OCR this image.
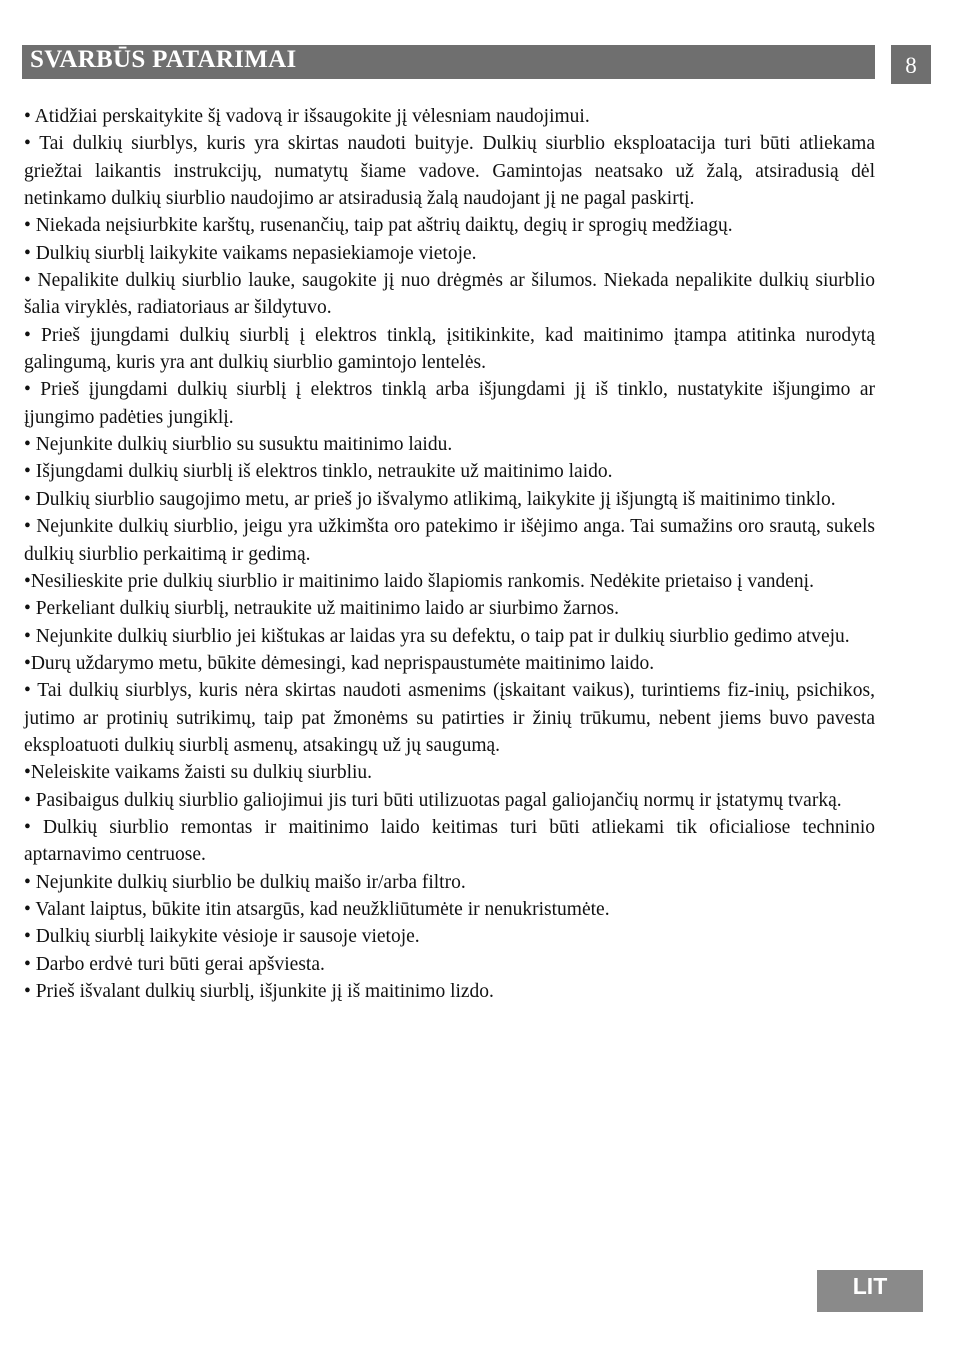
SVARBŪS PATARIMAI	8

• Atidžiai perskaitykite šį vadovą ir išsaugokite jį vėlesniam naudojimui.

• Tai dulkių siurblys, kuris yra skirtas naudoti buityje. Dulkių siurblio eksploatacija turi būti atliekama griežtai laikantis instrukcijų, numatytų šiame vadove. Gamintojas neatsako už žalą, atsiradusią dėl netinkamo dulkių siurblio naudojimo ar atsiradusią žalą naudojant jį ne pagal paskirtį.

• Niekada neįsiurbkite karštų, rusenančių, taip pat aštrių daiktų, degių ir sprogių medžiagų.

• Dulkių siurblį laikykite vaikams nepasiekiamoje vietoje.

• Nepalikite dulkių siurblio lauke, saugokite jį nuo drėgmės ar šilumos. Niekada nepalikite dulkių siurblio šalia viryklės, radiatoriaus ar šildytuvo.

• Prieš įjungdami dulkių siurblį į elektros tinklą, įsitikinkite, kad maitinimo įtampa atitinka nurodytą galingumą, kuris yra ant dulkių siurblio gamintojo lentelės.

• Prieš įjungdami dulkių siurblį į elektros tinklą arba išjungdami jį iš tinklo, nustatykite išjungimo ar įjungimo padėties jungiklį.

• Nejunkite dulkių siurblio su susuktu maitinimo laidu.

• Išjungdami dulkių siurblį iš elektros tinklo, netraukite už maitinimo laido.

• Dulkių siurblio saugojimo metu, ar prieš jo išvalymo atlikimą, laikykite jį išjungtą iš maitinimo tinklo.

• Nejunkite dulkių siurblio, jeigu yra užkimšta oro patekimo ir išėjimo anga. Tai sumažins oro srautą, sukels dulkių siurblio perkaitimą ir gedimą.

•Nesilieskite prie dulkių siurblio ir maitinimo laido šlapiomis rankomis. Nedėkite prietaiso į vandenį.

• Perkeliant dulkių siurblį, netraukite už maitinimo laido ar siurbimo žarnos.

• Nejunkite dulkių siurblio jei kištukas ar laidas yra su defektu, o taip pat ir dulkių siurblio gedimo atveju.

•Durų uždarymo metu, būkite dėmesingi, kad neprispaustumėte maitinimo laido.

• Tai dulkių siurblys, kuris nėra skirtas naudoti asmenims (įskaitant vaikus), turintiems fiz-inių, psichikos, jutimo ar protinių sutrikimų, taip pat žmonėms su patirties ir žinių trūkumu, nebent jiems buvo pavesta eksploatuoti dulkių siurblį asmenų, atsakingų už jų saugumą.

•Neleiskite vaikams žaisti su dulkių siurbliu.

• Pasibaigus dulkių siurblio galiojimui jis turi būti utilizuotas pagal galiojančių normų ir įstatymų tvarką.

• Dulkių siurblio remontas ir maitinimo laido keitimas turi būti atliekami tik oficialiose techninio aptarnavimo centruose.

• Nejunkite dulkių siurblio be dulkių maišo ir/arba filtro.

• Valant laiptus, būkite itin atsargūs, kad neužkliūtumėte ir nenukristumėte.

• Dulkių siurblį laikykite vėsioje ir sausoje vietoje.

• Darbo erdvė turi būti gerai apšviesta.

• Prieš išvalant dulkių siurblį, išjunkite jį iš maitinimo lizdo.

LIT
